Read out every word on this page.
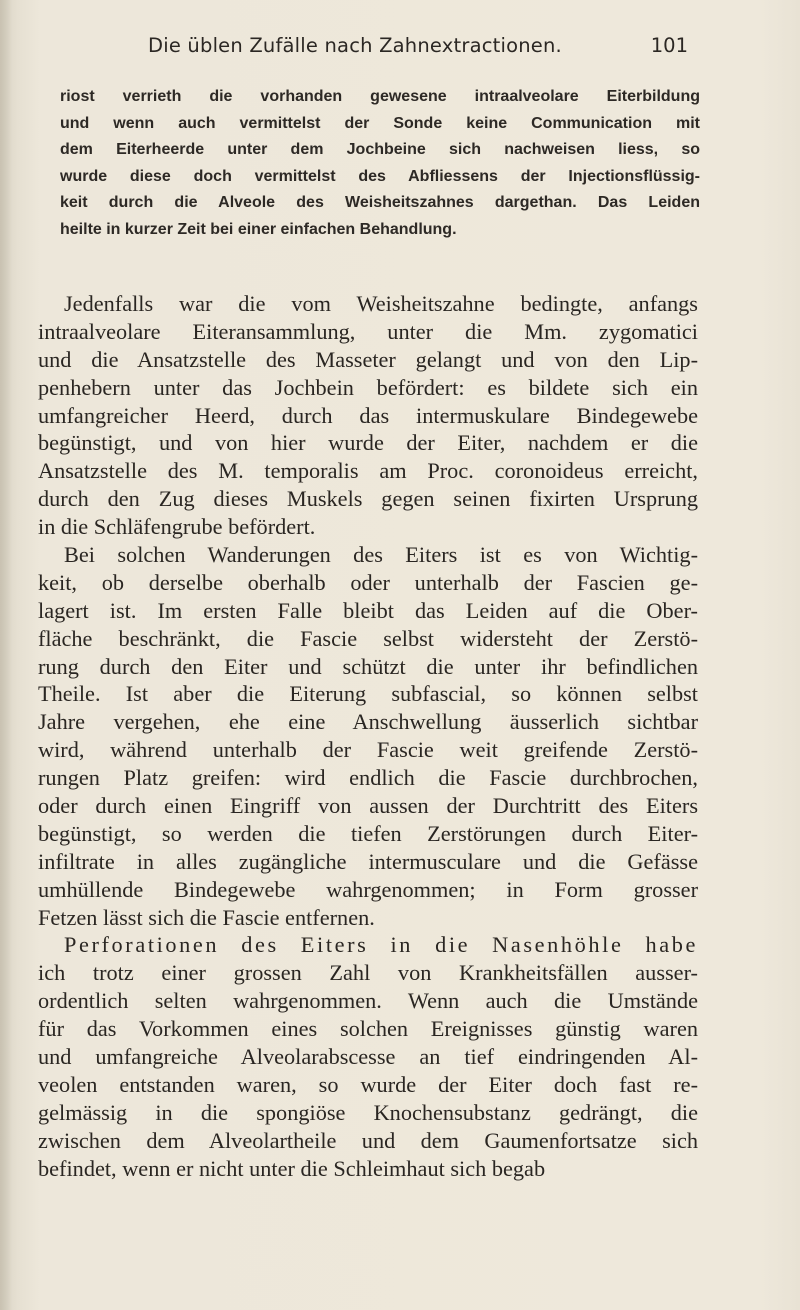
Die üblen Zufälle nach Zahnextractionen.	101
riost verrieth die vorhanden gewesene intraalveolare Eiterbildung
und wenn auch vermittelst der Sonde keine Communication mit
dem Eiterheerde unter dem Jochbeine sich nachweisen liess, so
wurde diese doch vermittelst des Abfliessens der Injectionsflüssig-
keit durch die Alveole des Weisheitszahnes dargethan. Das Leiden
heilte in kurzer Zeit bei einer einfachen Behandlung.
Jedenfalls war die vom Weisheitszahne bedingte, anfangs
intraalveolare Eiteransammlung, unter die Mm. zygomatici
und die Ansatzstelle des Masseter gelangt und von den Lip-
penhebern unter das Jochbein befördert: es bildete sich ein
umfangreicher Heerd, durch das intermuskulare Bindegewebe
begünstigt, und von hier wurde der Eiter, nachdem er die
Ansatzstelle des M. temporalis am Proc. coronoideus erreicht,
durch den Zug dieses Muskels gegen seinen fixirten Ursprung
in die Schläfengrube befördert.
Bei solchen Wanderungen des Eiters ist es von Wichtig-
keit, ob derselbe oberhalb oder unterhalb der Fascien ge-
lagert ist. Im ersten Falle bleibt das Leiden auf die Ober-
fläche beschränkt, die Fascie selbst widersteht der Zerstö-
rung durch den Eiter und schützt die unter ihr befindlichen
Theile. Ist aber die Eiterung subfascial, so können selbst
Jahre vergehen, ehe eine Anschwellung äusserlich sichtbar
wird, während unterhalb der Fascie weit greifende Zerstö-
rungen Platz greifen: wird endlich die Fascie durchbrochen,
oder durch einen Eingriff von aussen der Durchtritt des Eiters
begünstigt, so werden die tiefen Zerstörungen durch Eiter-
infiltrate in alles zugängliche intermusculare und die Gefässe
umhüllende Bindegewebe wahrgenommen; in Form grosser
Fetzen lässt sich die Fascie entfernen.
Perforationen des Eiters in die Nasenhöhle habe
ich trotz einer grossen Zahl von Krankheitsfällen ausser-
ordentlich selten wahrgenommen. Wenn auch die Umstände
für das Vorkommen eines solchen Ereignisses günstig waren
und umfangreiche Alveolarabscesse an tief eindringenden Al-
veolen entstanden waren, so wurde der Eiter doch fast re-
gelmässig in die spongiöse Knochensubstanz gedrängt, die
zwischen dem Alveolartheile und dem Gaumenfortsatze sich
befindet, wenn er nicht unter die Schleimhaut sich begab
